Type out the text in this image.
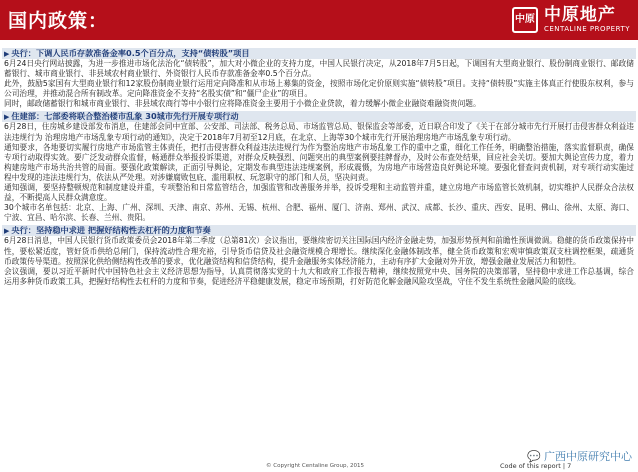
国内政策：	中原 中原地产
CENTALINE PROPERTY
▶ 央行：下调人民币存款准备金率0.5个百分点，支持“债转股”项目

6月24日央行网站披露，为进一步推进市场化法治化“债转股”，加大对小微企业的支持力度，中国人民银行决定，从2018年7月5日起，下调国有大型商业银行、股份制商业银行、邮政储蓄银行、城市商业银行、非县域农村商业银行、外资银行人民币存款准备金率0.5个百分点。

此外，鼓励5家国有大型商业银行和12家股份制商业银行运用定向降准和从市场上募集的资金，按照市场化定价原则实施“债转股”项目。支持“债转股”实施主体真正行使股东权利，参与公司治理，并推动混合所有制改革。定向降准资金不支持“名股实债”和“僵尸企业”的项目。

同时，邮政储蓄银行和城市商业银行、非县域农商行等中小银行应将降准资金主要用于小微企业贷款，着力缓解小微企业融资难融资贵问题。

▶ 住建部：七部委将联合整治楼市乱象 30城市先行开展专项行动

6月28日，住房城乡建设部发布消息，住建部会同中宣部、公安部、司法部、税务总局、市场监管总局、银保监会等部委，近日联合印发了《关于在部分城市先行开展打击侵害群众利益违法违规行为 治理房地产市场乱象专项行动的通知》，决定于2018年7月初至12月底，在北京、上海等30个城市先行开展治理房地产市场乱象专项行动。

通知要求，各地要切实履行房地产市场监管主体责任，把打击侵害群众利益违法违规行为作为整治房地产市场乱象工作的重中之重，细化工作任务，明确整治措施，落实监督职责，确保专项行动取得实效。要广泛发动群众监督，畅通群众举报投诉渠道，对群众反映强烈、问题突出的典型案例要挂牌督办，及时公布查处结果，回应社会关切。要加大舆论宣传力度，着力构建房地产市场共治共管的局面。要强化政策解读，正面引导舆论，定期发布典型违法违规案例，形成震慑，为房地产市场营造良好舆论环境。要强化督查问责机制，对专项行动实施过程中发现的违法违规行为，依法从严处理。对涉嫌腐败包庇、滥用职权、玩忽职守的部门和人员，坚决问责。

通知强调，要坚持整顿规范和制度建设并重，专项整治和日常监管结合，加强监管和改善服务并举，投诉受理和主动监管并重，建立房地产市场监管长效机制，切实维护人民群众合法权益，不断提高人民群众满意度。

30个城市名单包括：北京、上海、广州、深圳、天津、南京、苏州、无锡、杭州、合肥、福州、厦门、济南、郑州、武汉、成都、长沙、重庆、西安、昆明、佛山、徐州、太原、海口、宁波、宜昌、哈尔滨、长春、兰州、贵阳。

▶ 央行：坚持稳中求进 把握好结构性去杠杆的力度和节奏

6月28日消息，中国人民银行货币政策委员会2018年第二季度（总第81次）会议指出，要继续密切关注国际国内经济金融走势，加强形势预判和前瞻性预调微调。稳健的货币政策保持中性，要松紧适度，管好货币供给总闸门，保持流动性合理充裕，引导货币信贷及社会融资规模合理增长。继续深化金融体制改革，健全货币政策和宏观审慎政策双支柱调控框架，疏通货币政策传导渠道。按照深化供给侧结构性改革的要求，优化融资结构和信贷结构，提升金融服务实体经济能力，主动有序扩大金融对外开放，增强金融业发展活力和韧性。

会议强调，要以习近平新时代中国特色社会主义经济思想为指导，认真贯彻落实党的十九大和政府工作报告精神，继续按照党中央、国务院的决策部署，坚持稳中求进工作总基调，综合运用多种货币政策工具，把握好结构性去杠杆的力度和节奏，促进经济平稳健康发展，稳定市场预期，打好防范化解金融风险攻坚战，守住不发生系统性金融风险的底线。

© Copyright Centaline Group, 2015	Code of this report | 7
💬 广西中原研究中心
